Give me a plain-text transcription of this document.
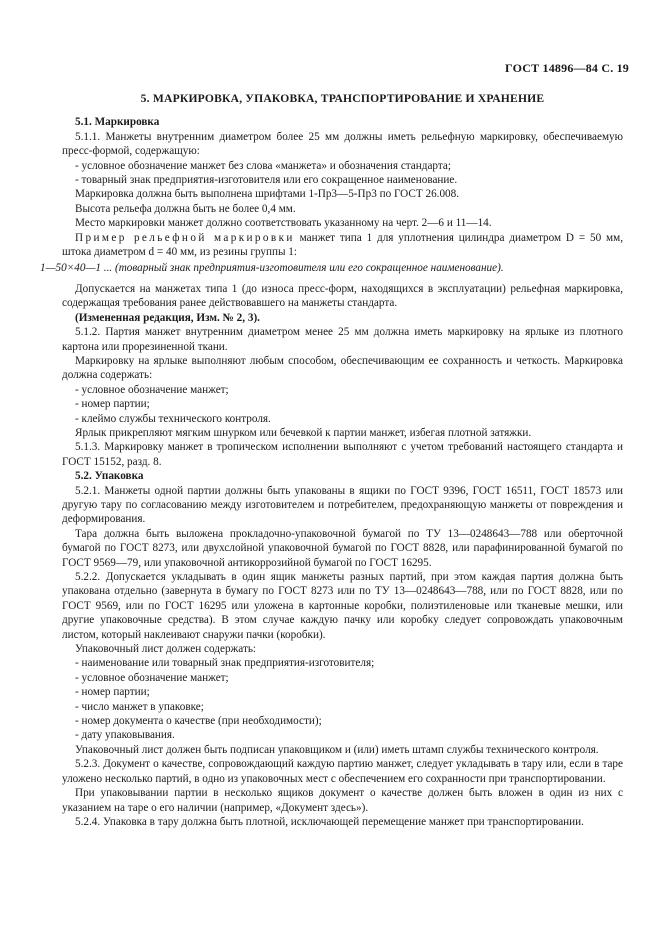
ГОСТ 14896—84 С. 19
5. МАРКИРОВКА, УПАКОВКА, ТРАНСПОРТИРОВАНИЕ И ХРАНЕНИЕ
5.1. Маркировка

5.1.1. Манжеты внутренним диаметром более 25 мм должны иметь рельефную маркировку, обеспечиваемую пресс-формой, содержащую:

- условное обозначение манжет без слова «манжета» и обозначения стандарта;
- товарный знак предприятия-изготовителя или его сокращенное наименование.
Маркировка должна быть выполнена шрифтами 1-Пр3—5-Пр3 по ГОСТ 26.008.
Высота рельефа должна быть не более 0,4 мм.
Место маркировки манжет должно соответствовать указанному на черт. 2—6 и 11—14.

Пример рельефной маркировки манжет типа 1 для уплотнения цилиндра диаметром D = 50 мм, штока диаметром d = 40 мм, из резины группы 1:

1—50×40—1 ... (товарный знак предприятия-изготовителя или его сокращенное наименование).

Допускается на манжетах типа 1 (до износа пресс-форм, находящихся в эксплуатации) рельефная маркировка, содержащая требования ранее действовавшего на манжеты стандарта.

(Измененная редакция, Изм. № 2, 3).

5.1.2. Партия манжет внутренним диаметром менее 25 мм должна иметь маркировку на ярлыке из плотного картона или прорезиненной ткани.

Маркировку на ярлыке выполняют любым способом, обеспечивающим ее сохранность и четкость. Маркировка должна содержать:

- условное обозначение манжет;
- номер партии;
- клеймо службы технического контроля.

Ярлык прикрепляют мягким шнурком или бечевкой к партии манжет, избегая плотной затяжки.

5.1.3. Маркировку манжет в тропическом исполнении выполняют с учетом требований настоящего стандарта и ГОСТ 15152, разд. 8.

5.2. Упаковка

5.2.1. Манжеты одной партии должны быть упакованы в ящики по ГОСТ 9396, ГОСТ 16511, ГОСТ 18573 или другую тару по согласованию между изготовителем и потребителем, предохраняющую манжеты от повреждения и деформирования.

Тара должна быть выложена прокладочно-упаковочной бумагой по ТУ 13—0248643—788 или оберточной бумагой по ГОСТ 8273, или двухслойной упаковочной бумагой по ГОСТ 8828, или парафинированной бумагой по ГОСТ 9569—79, или упаковочной антикоррозийной бумагой по ГОСТ 16295.

5.2.2. Допускается укладывать в один ящик манжеты разных партий, при этом каждая партия должна быть упакована отдельно (завернута в бумагу по ГОСТ 8273 или по ТУ 13—0248643—788, или по ГОСТ 8828, или по ГОСТ 9569, или по ГОСТ 16295 или уложена в картонные коробки, полиэтиленовые или тканевые мешки, или другие упаковочные средства). В этом случае каждую пачку или коробку следует сопровождать упаковочным листом, который наклеивают снаружи пачки (коробки).

Упаковочный лист должен содержать:
- наименование или товарный знак предприятия-изготовителя;
- условное обозначение манжет;
- номер партии;
- число манжет в упаковке;
- номер документа о качестве (при необходимости);
- дату упаковывания.

Упаковочный лист должен быть подписан упаковщиком и (или) иметь штамп службы технического контроля.

5.2.3. Документ о качестве, сопровождающий каждую партию манжет, следует укладывать в тару или, если в таре уложено несколько партий, в одно из упаковочных мест с обеспечением его сохранности при транспортировании.

При упаковывании партии в несколько ящиков документ о качестве должен быть вложен в один из них с указанием на таре о его наличии (например, «Документ здесь»).

5.2.4. Упаковка в тару должна быть плотной, исключающей перемещение манжет при транспортировании.
